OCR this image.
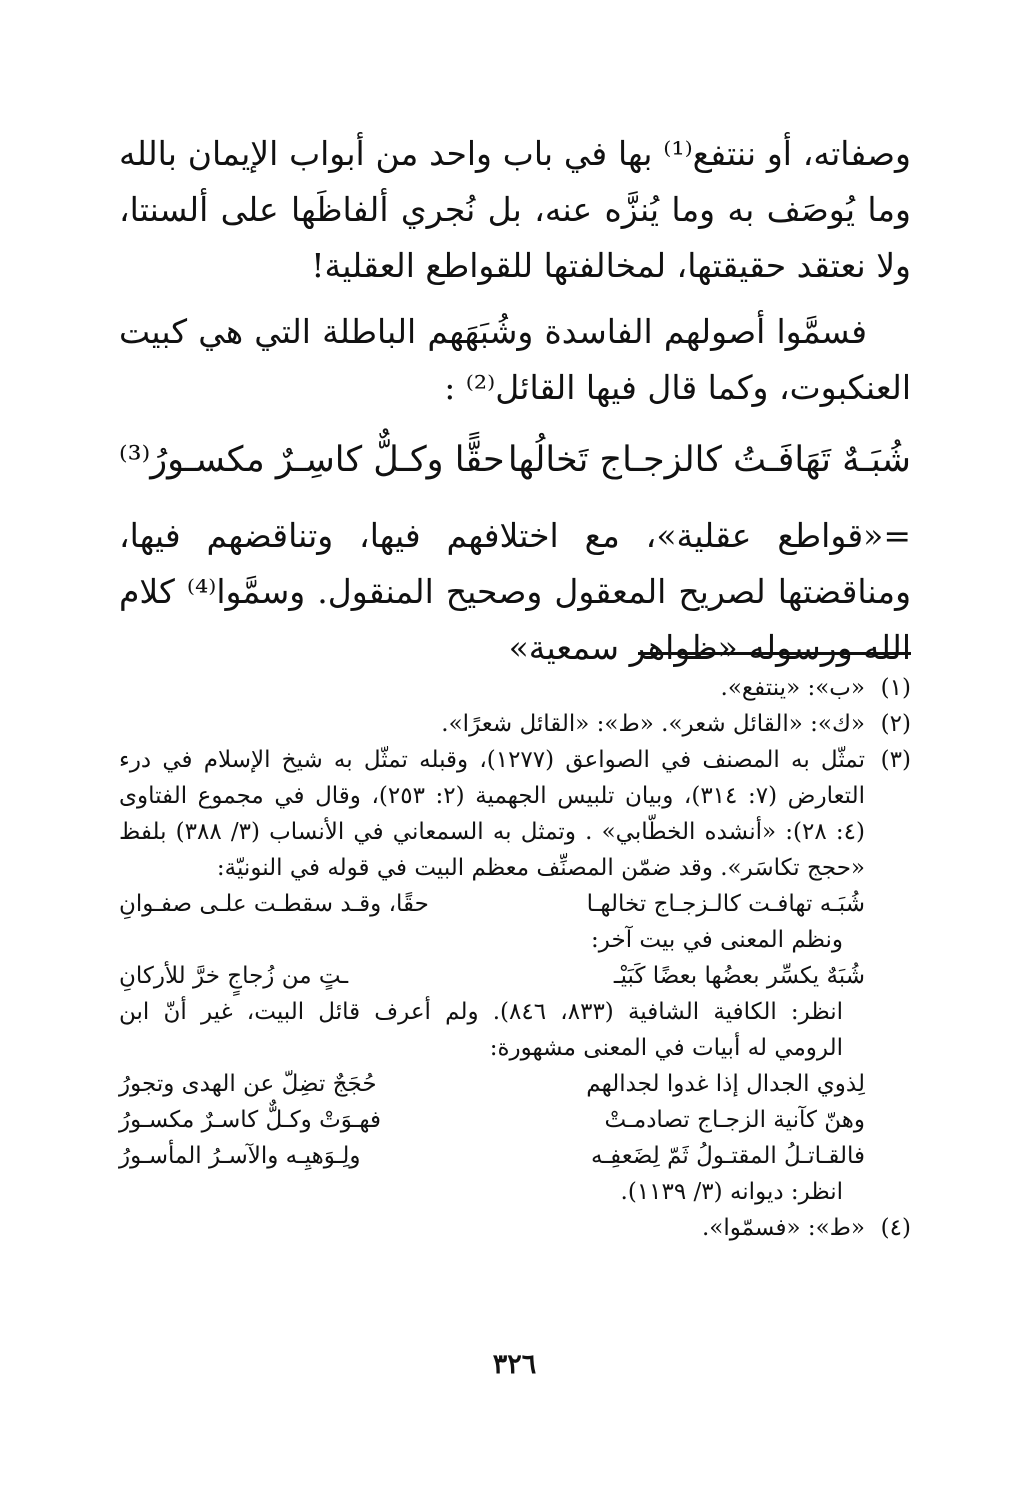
وصفاته، أو ننتفع⁽¹⁾ بها في باب واحد من أبواب الإيمان بالله وما يُوصَف به وما يُنزَّه عنه، بل نُجري ألفاظَها على ألسنتا، ولا نعتقد حقيقتها، لمخالفتها للقواطع العقلية!

فسمَّوا أصولهم الفاسدة وشُبَهَهم الباطلة التي هي كبيت العنكبوت، وكما قال فيها القائل⁽²⁾ :

شُبَـهٌ تَهَافَـتُ كالزجـاج تَخالُها
حقًّا وكـلٌّ كاسِـرٌ مكسـورُ⁽³⁾

=«قواطع عقلية»، مع اختلافهم فيها، وتناقضهم فيها، ومناقضتها لصريح المعقول وصحيح المنقول. وسمَّوا⁽⁴⁾ كلام الله ورسوله «ظواهر سمعية»

(١)

«ب»: «ينتفع».

(٢)

«ك»: «القائل شعر». «ط»: «القائل شعرًا».

(٣)

تمثّل به المصنف في الصواعق (١٢٧٧)، وقبله تمثّل به شيخ الإسلام في درء التعارض (٧: ٣١٤)، وبيان تلبيس الجهمية (٢: ٢٥٣)، وقال في مجموع الفتاوى (٤: ٢٨): «أنشده الخطّابي» . وتمثل به السمعاني في الأنساب (٣/ ٣٨٨) بلفظ «حجج تكاسَر». وقد ضمّن المصنِّف معظم البيت في قوله في النونيّة:

شُبَـه تهافـت كالـزجـاج تخالهـا
حقًا، وقـد سقطـت علـى صفـوانِ

ونظم المعنى في بيت آخر:

شُبَهٌ يكسِّر بعضُها بعضًا كَبَيْـ
ـتٍ من زُجاجٍ خرَّ للأركانِ

انظر: الكافية الشافية (٨٣٣، ٨٤٦). ولم أعرف قائل البيت، غير أنّ ابن الرومي له أبيات في المعنى مشهورة:

لِذوي الجدال إذا غدوا لجدالهم
حُجَجٌ تضِلّ عن الهدى وتجورُ
وهنّ كآنية الزجـاج تصادمـتْ
فهـوَتْ وكـلٌّ كاسـرٌ مكسـورُ
فالقـاتـلُ المقتـولُ ثَمّ لِضَعفِـه
ولِـوَهيِـه والآسـرُ المأسـورُ

انظر: ديوانه (٣/ ١١٣٩).

(٤)

«ط»: «فسمّوا».

٣٢٦
